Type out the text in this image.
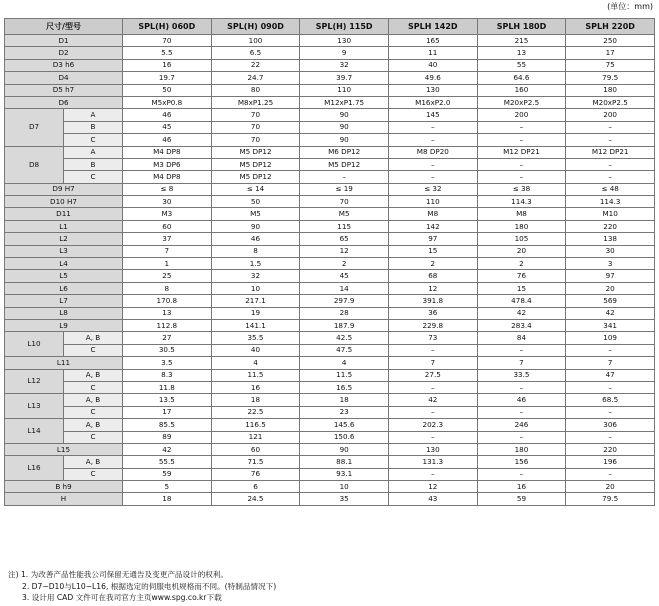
(单位：mm)
尺寸/型号		SPL(H) 060D	SPL(H) 090D	SPL(H) 115D	SPLH 142D	SPLH 180D	SPLH 220D
D1		70	100	130	165	215	250
D2		5.5	6.5	9	11	13	17
D3 h6		16	22	32	40	55	75
D4		19.7	24.7	39.7	49.6	64.6	79.5
D5 h7		50	80	110	130	160	180
D6		M5xP0.8	M8xP1.25	M12xP1.75	M16xP2.0	M20xP2.5	M20xP2.5
D7	A	46	70	90	145	200	200
	B	45	70	90	–	–	–
	C	46	70	90	–	–	–
D8	A	M4 DP8	M5 DP12	M6 DP12	M8 DP20	M12 DP21	M12 DP21
	B	M3 DP6	M5 DP12	M5 DP12	–	–	–
	C	M4 DP8	M5 DP12	–	–	–	–
D9 H7		≤ 8	≤ 14	≤ 19	≤ 32	≤ 38	≤ 48
D10 H7		30	50	70	110	114.3	114.3
D11		M3	M5	M5	M8	M8	M10
L1		60	90	115	142	180	220
L2		37	46	65	97	105	138
L3		7	8	12	15	20	30
L4		1	1.5	2	2	2	3
L5		25	32	45	68	76	97
L6		8	10	14	12	15	20
L7		170.8	217.1	297.9	391.8	478.4	569
L8		13	19	28	36	42	42
L9		112.8	141.1	187.9	229.8	283.4	341
L10	A, B	27	35.5	42.5	73	84	109
	C	30.5	40	47.5	–	–	–
L11		3.5	4	4	7	7	7
L12	A, B	8.3	11.5	11.5	27.5	33.5	47
	C	11.8	16	16.5	–	–	–
L13	A, B	13.5	18	18	42	46	68.5
	C	17	22.5	23	–	–	–
L14	A, B	85.5	116.5	145.6	202.3	246	306
	C	89	121	150.6	–	–	–
L15		42	60	90	130	180	220
L16	A, B	55.5	71.5	88.1	131.3	156	196
	C	59	76	93.1	–	–	–
B h9		5	6	10	12	16	20
H		18	24.5	35	43	59	79.5
注) 1. 为改善产品性能我公司保留无通告及变更产品设计的权利。
2. D7~D10与L10~L16, 根据选定的伺服电机规格而不同。(特制品情况下)
3. 设计用 CAD 文件可在我司官方主页www.spg.co.kr下载
